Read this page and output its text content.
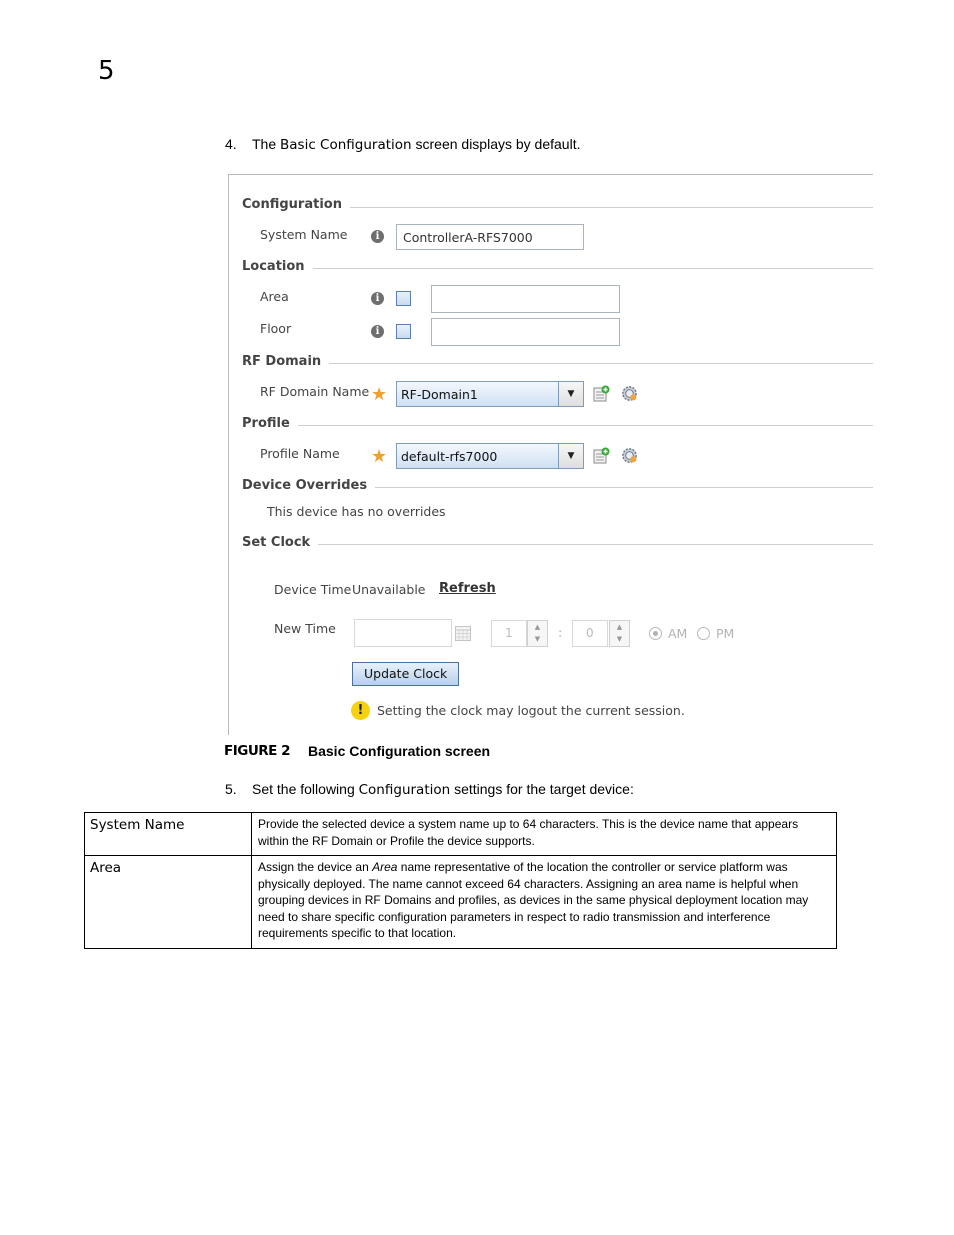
5
4. The Basic Configuration screen displays by default.
Configuration
System Name	i	ControllerA-RFS7000
Location
Area	i
Floor	i
RF Domain
RF Domain Name ★ RF-Domain1	▼
Profile
Profile Name ★ default-rfs7000	▼
Device Overrides
This device has no overrides
Set Clock
Device Time Unavailable Refresh
New Time	1	▲
▼	:	0	▲
▼	AM PM
Update Clock
!	Setting the clock may logout the current session.
FIGURE 2 Basic Configuration screen
5. Set the following Configuration settings for the target device:
System Name	Provide the selected device a system name up to 64 characters. This is the device name that appears within the RF Domain or Profile the device supports.
Area	Assign the device an Area name representative of the location the controller or service platform was physically deployed. The name cannot exceed 64 characters. Assigning an area name is helpful when grouping devices in RF Domains and profiles, as devices in the same physical deployment location may need to share specific configuration parameters in respect to radio transmission and interference requirements specific to that location.
